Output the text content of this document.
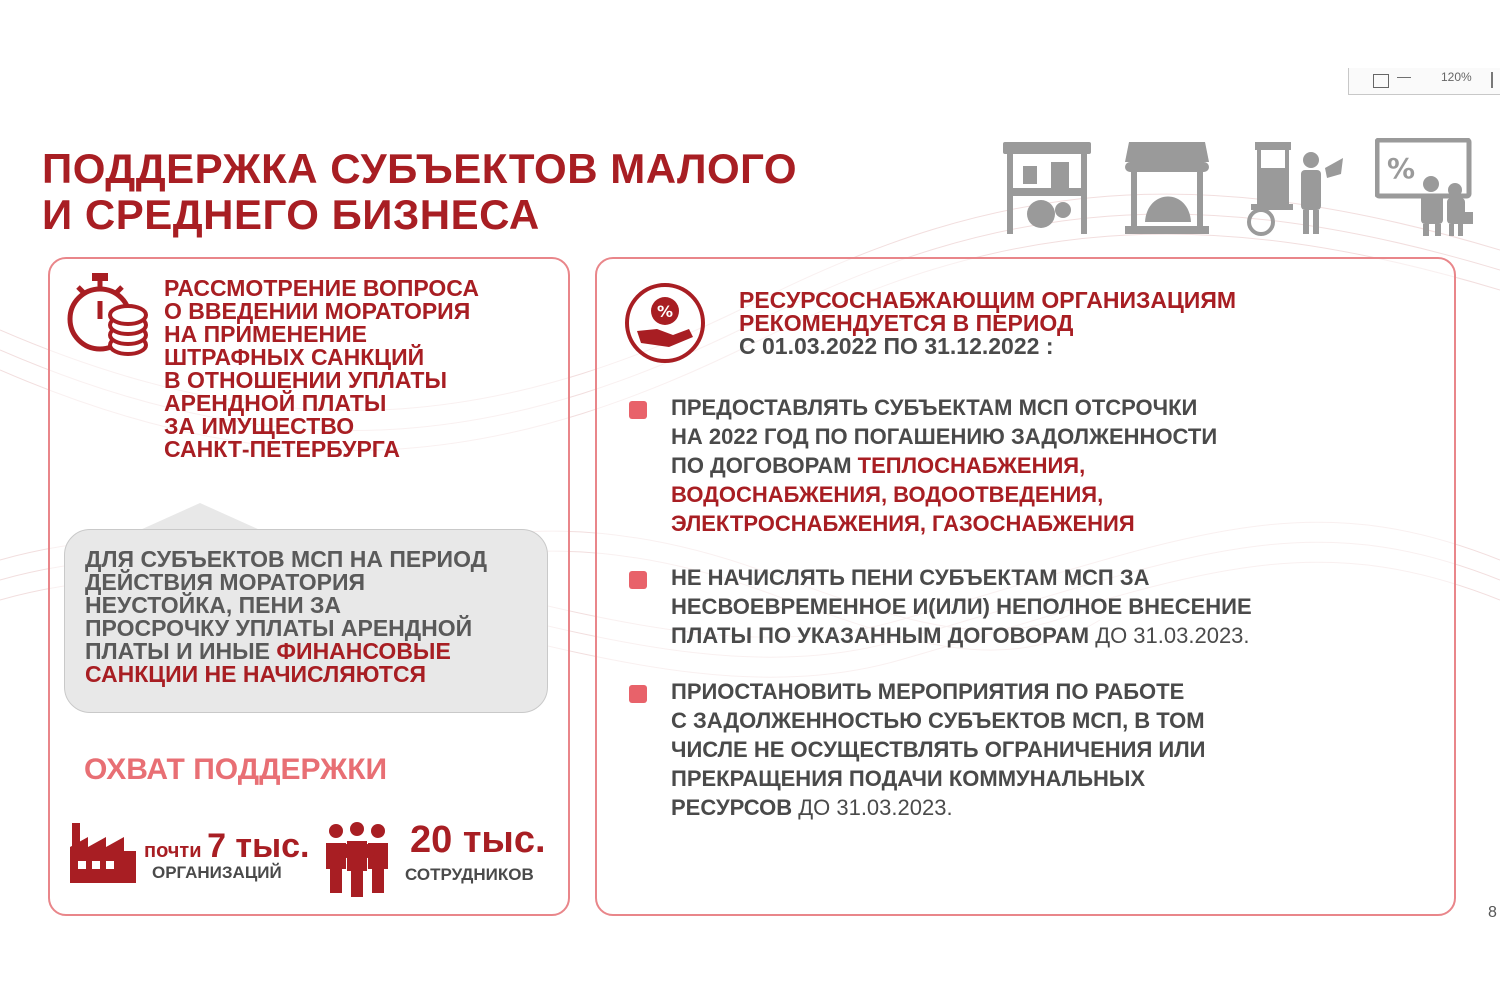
—	120%
ПОДДЕРЖКА СУБЪЕКТОВ МАЛОГО
И СРЕДНЕГО БИЗНЕСА
%
РАССМОТРЕНИЕ ВОПРОСА
О ВВЕДЕНИИ МОРАТОРИЯ
НА ПРИМЕНЕНИЕ
ШТРАФНЫХ САНКЦИЙ
В ОТНОШЕНИИ УПЛАТЫ
АРЕНДНОЙ ПЛАТЫ
ЗА ИМУЩЕСТВО
САНКТ-ПЕТЕРБУРГА

ДЛЯ СУБЪЕКТОВ МСП НА ПЕРИОД
ДЕЙСТВИЯ МОРАТОРИЯ
НЕУСТОЙКА, ПЕНИ ЗА
ПРОСРОЧКУ УПЛАТЫ АРЕНДНОЙ
ПЛАТЫ И ИНЫЕ ФИНАНСОВЫЕ
САНКЦИИ НЕ НАЧИСЛЯЮТСЯ

ОХВАТ ПОДДЕРЖКИ
почти 7 тыс.
ОРГАНИЗАЦИЙ
20 тыс.
СОТРУДНИКОВ
%	РЕСУРСОСНАБЖАЮЩИМ ОРГАНИЗАЦИЯМ
РЕКОМЕНДУЕТСЯ В ПЕРИОД
С 01.03.2022 ПО 31.12.2022 :

ПРЕДОСТАВЛЯТЬ СУБЪЕКТАМ МСП ОТСРОЧКИ
НА 2022 ГОД ПО ПОГАШЕНИЮ ЗАДОЛЖЕННОСТИ
ПО ДОГОВОРАМ ТЕПЛОСНАБЖЕНИЯ,
ВОДОСНАБЖЕНИЯ, ВОДООТВЕДЕНИЯ,
ЭЛЕКТРОСНАБЖЕНИЯ, ГАЗОСНАБЖЕНИЯ

НЕ НАЧИСЛЯТЬ ПЕНИ СУБЪЕКТАМ МСП ЗА
НЕСВОЕВРЕМЕННОЕ И(ИЛИ) НЕПОЛНОЕ ВНЕСЕНИЕ
ПЛАТЫ ПО УКАЗАННЫМ ДОГОВОРАМ ДО 31.03.2023.

ПРИОСТАНОВИТЬ МЕРОПРИЯТИЯ ПО РАБОТЕ
С ЗАДОЛЖЕННОСТЬЮ СУБЪЕКТОВ МСП, В ТОМ
ЧИСЛЕ НЕ ОСУЩЕСТВЛЯТЬ ОГРАНИЧЕНИЯ ИЛИ
ПРЕКРАЩЕНИЯ ПОДАЧИ КОММУНАЛЬНЫХ
РЕСУРСОВ ДО 31.03.2023.

8
